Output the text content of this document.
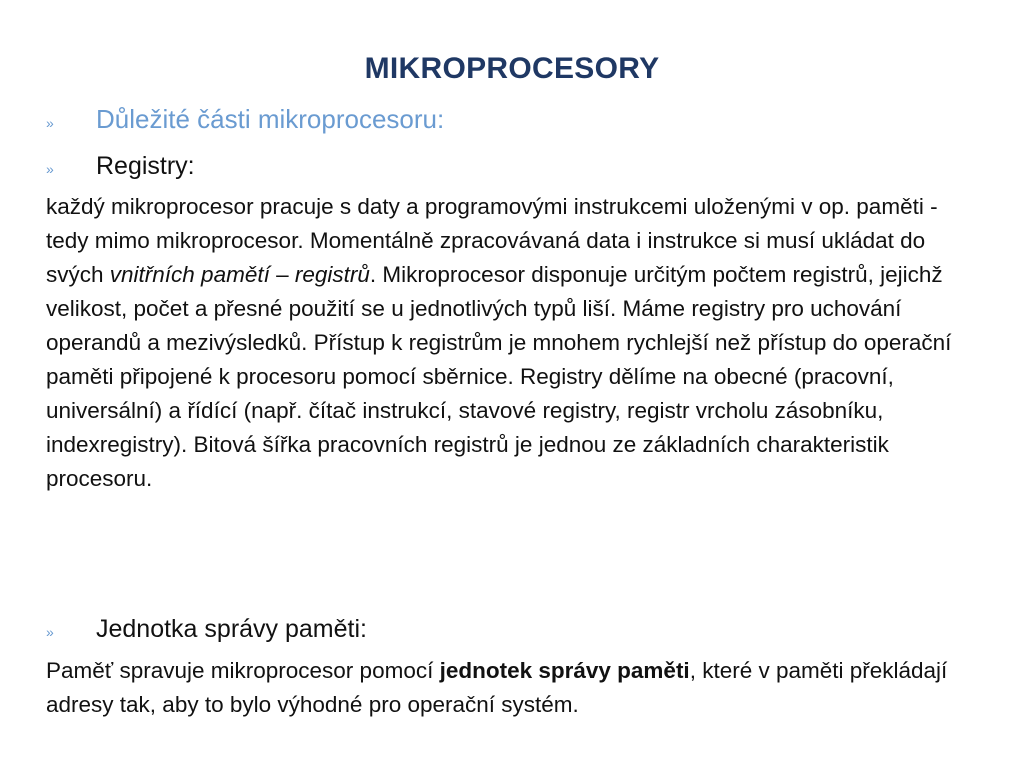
MIKROPROCESORY
»	Důležité části mikroprocesoru:
»	Registry:
každý mikroprocesor pracuje s daty a programovými instrukcemi uloženými v op. paměti - tedy mimo mikroprocesor. Momentálně zpracovávaná data i instrukce si musí ukládat do svých vnitřních pamětí – registrů. Mikroprocesor disponuje určitým počtem registrů, jejichž velikost, počet a přesné použití se u jednotlivých typů liší. Máme registry pro uchování operandů a mezivýsledků. Přístup k registrům je mnohem rychlejší než přístup do operační paměti připojené k procesoru pomocí sběrnice. Registry dělíme na obecné (pracovní, universální) a řídící (např. čítač instrukcí, stavové registry, registr vrcholu zásobníku, indexregistry). Bitová šířka pracovních registrů je jednou ze základních charakteristik procesoru.
»	Jednotka správy paměti:
Paměť spravuje mikroprocesor pomocí jednotek správy paměti, které v paměti překládají adresy tak, aby to bylo výhodné pro operační systém.
